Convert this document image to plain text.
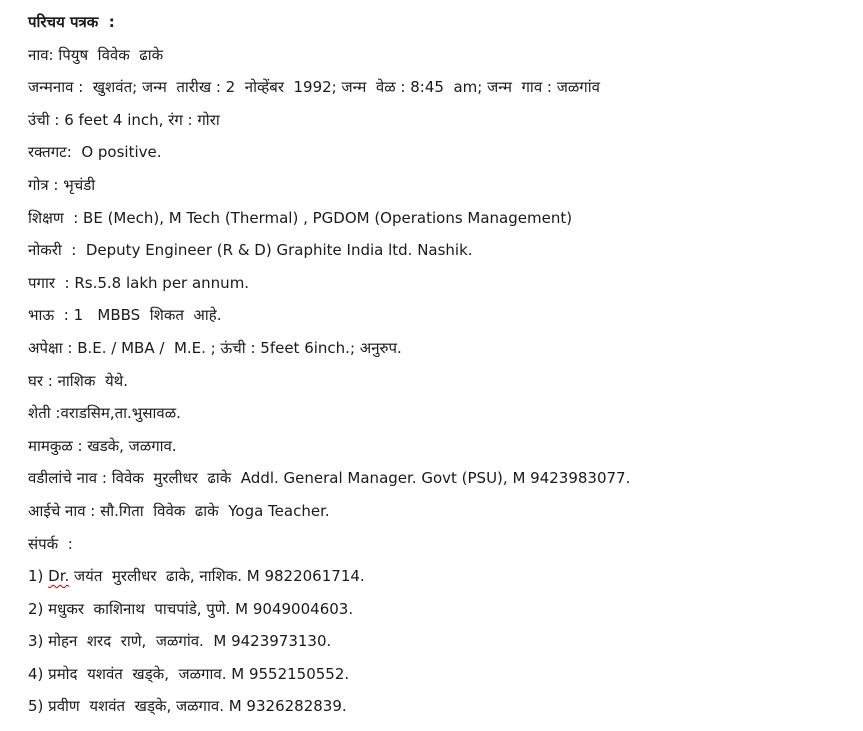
परिचय पत्रक  :
नाव: पियुष  विवेक  ढाके
जन्मनाव :  खुशवंत; जन्म  तारीख : 2  नोव्हेंबर  1992; जन्म  वेळ : 8:45  am; जन्म  गाव : जळगांव
उंची : 6 feet 4 inch, रंग : गोरा
रक्तगट:  O positive.
गोत्र : भृचंडी
शिक्षण  : BE (Mech), M Tech (Thermal) , PGDOM (Operations Management)
नोकरी  :  Deputy Engineer (R & D) Graphite India ltd. Nashik.
पगार  : Rs.5.8 lakh per annum.
भाऊ  : 1   MBBS  शिकत  आहे.
अपेक्षा : B.E. / MBA /  M.E. ; ऊंची : 5feet 6inch.; अनुरुप.
घर : नाशिक  येथे.
शेती :वराडसिम,ता.भुसावळ.
मामकुळ : खडके, जळगाव.
वडीलांचे नाव : विवेक  मुरलीधर  ढाके  Addl. General Manager. Govt (PSU), M 9423983077.
आईचे नाव : सौ.गिता  विवेक  ढाके  Yoga Teacher.
संपर्क  :
1) Dr. जयंत  मुरलीधर  ढाके, नाशिक. M 9822061714.
2) मधुकर  काशिनाथ  पाचपांडे, पुणे. M 9049004603.
3) मोहन  शरद  राणे,  जळगांव.  M 9423973130.
4) प्रमोद  यशवंत  खड्के,  जळगाव. M 9552150552.
5) प्रवीण  यशवंत  खड्के, जळगाव. M 9326282839.
